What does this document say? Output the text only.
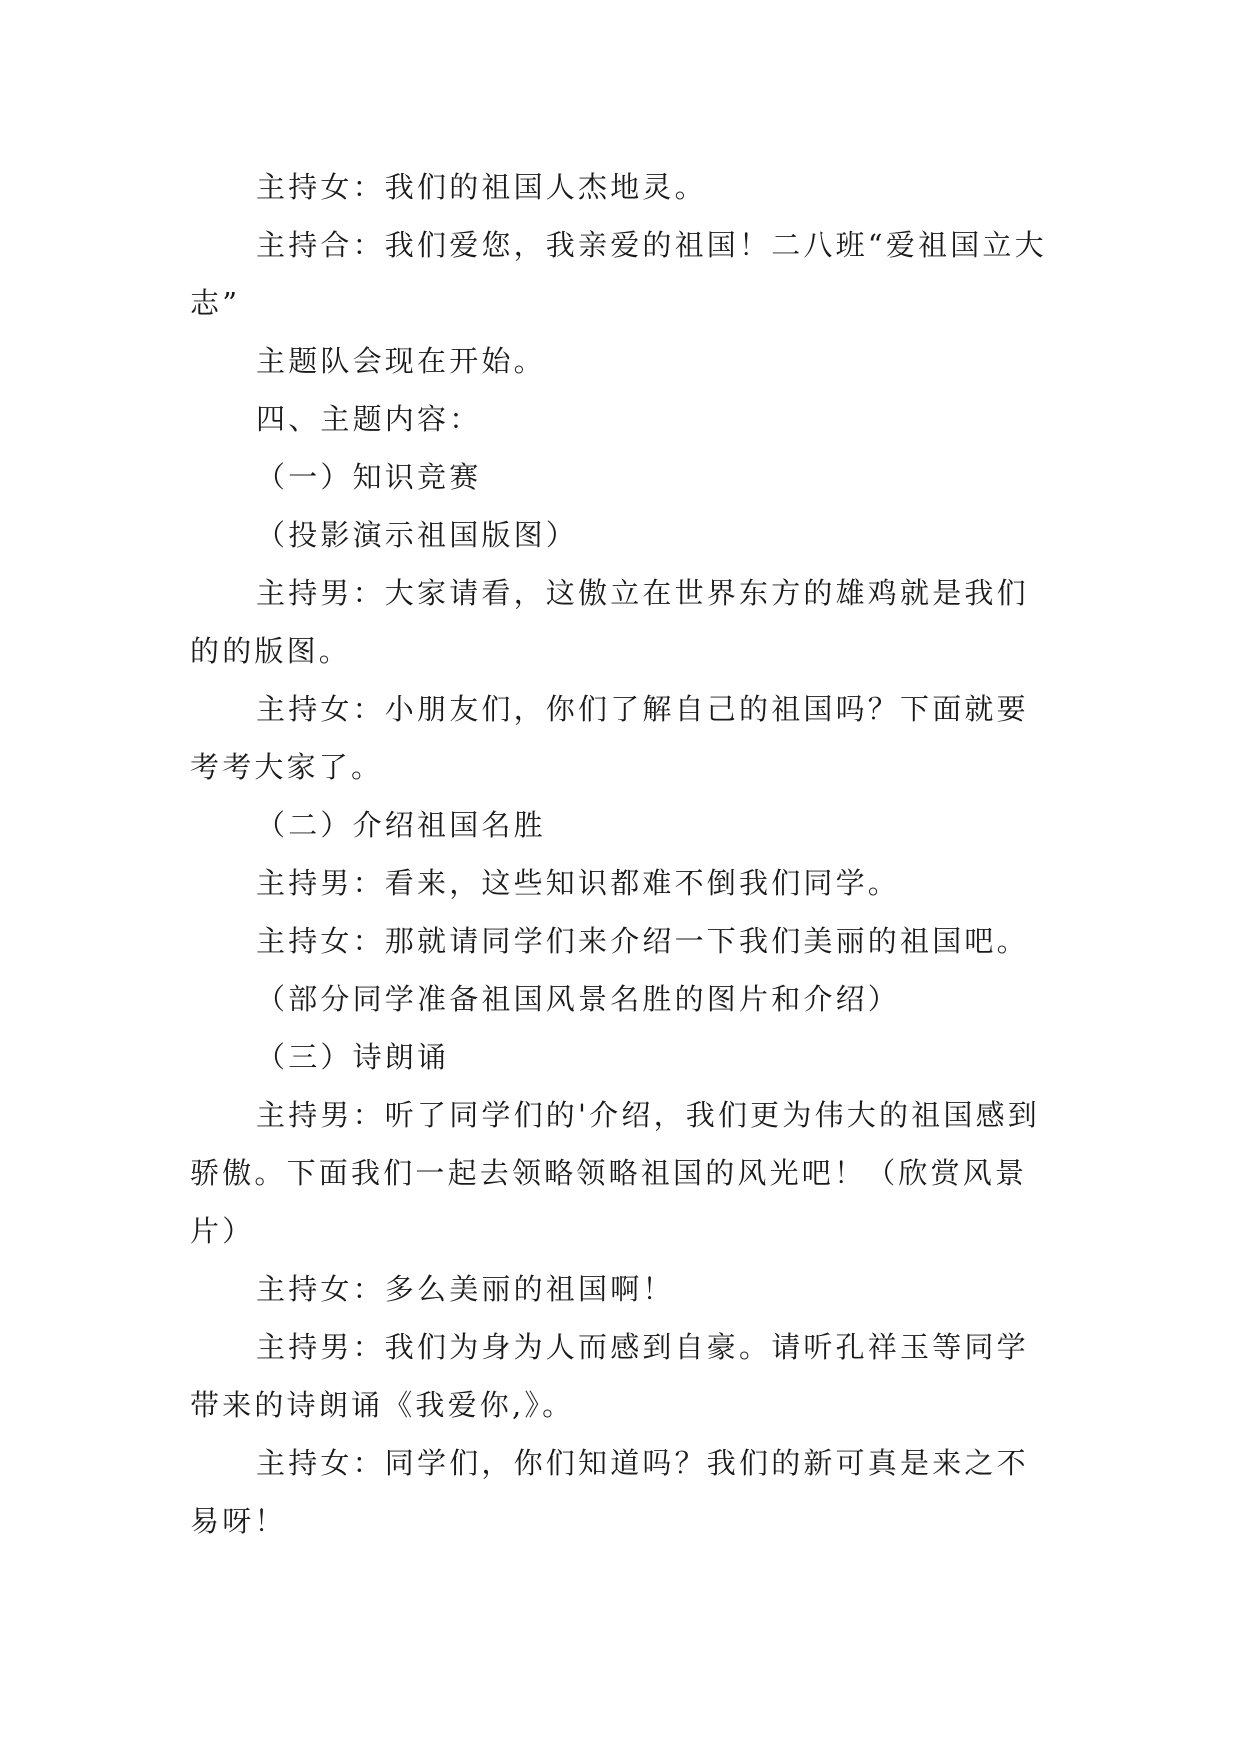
主持女：我们的祖国人杰地灵。

主持合：我们爱您，我亲爱的祖国！二八班“爱祖国立大志”

主题队会现在开始。

四、主题内容：

（一）知识竞赛

（投影演示祖国版图）

主持男：大家请看，这傲立在世界东方的雄鸡就是我们的的版图。

主持女：小朋友们，你们了解自己的祖国吗？下面就要考考大家了。

（二）介绍祖国名胜

主持男：看来，这些知识都难不倒我们同学。

主持女：那就请同学们来介绍一下我们美丽的祖国吧。

（部分同学准备祖国风景名胜的图片和介绍）

（三）诗朗诵

主持男：听了同学们的'介绍，我们更为伟大的祖国感到骄傲。下面我们一起去领略领略祖国的风光吧！（欣赏风景片）

主持女：多么美丽的祖国啊！

主持男：我们为身为人而感到自豪。请听孔祥玉等同学带来的诗朗诵《我爱你,》。

主持女：同学们，你们知道吗？我们的新可真是来之不易呀！
